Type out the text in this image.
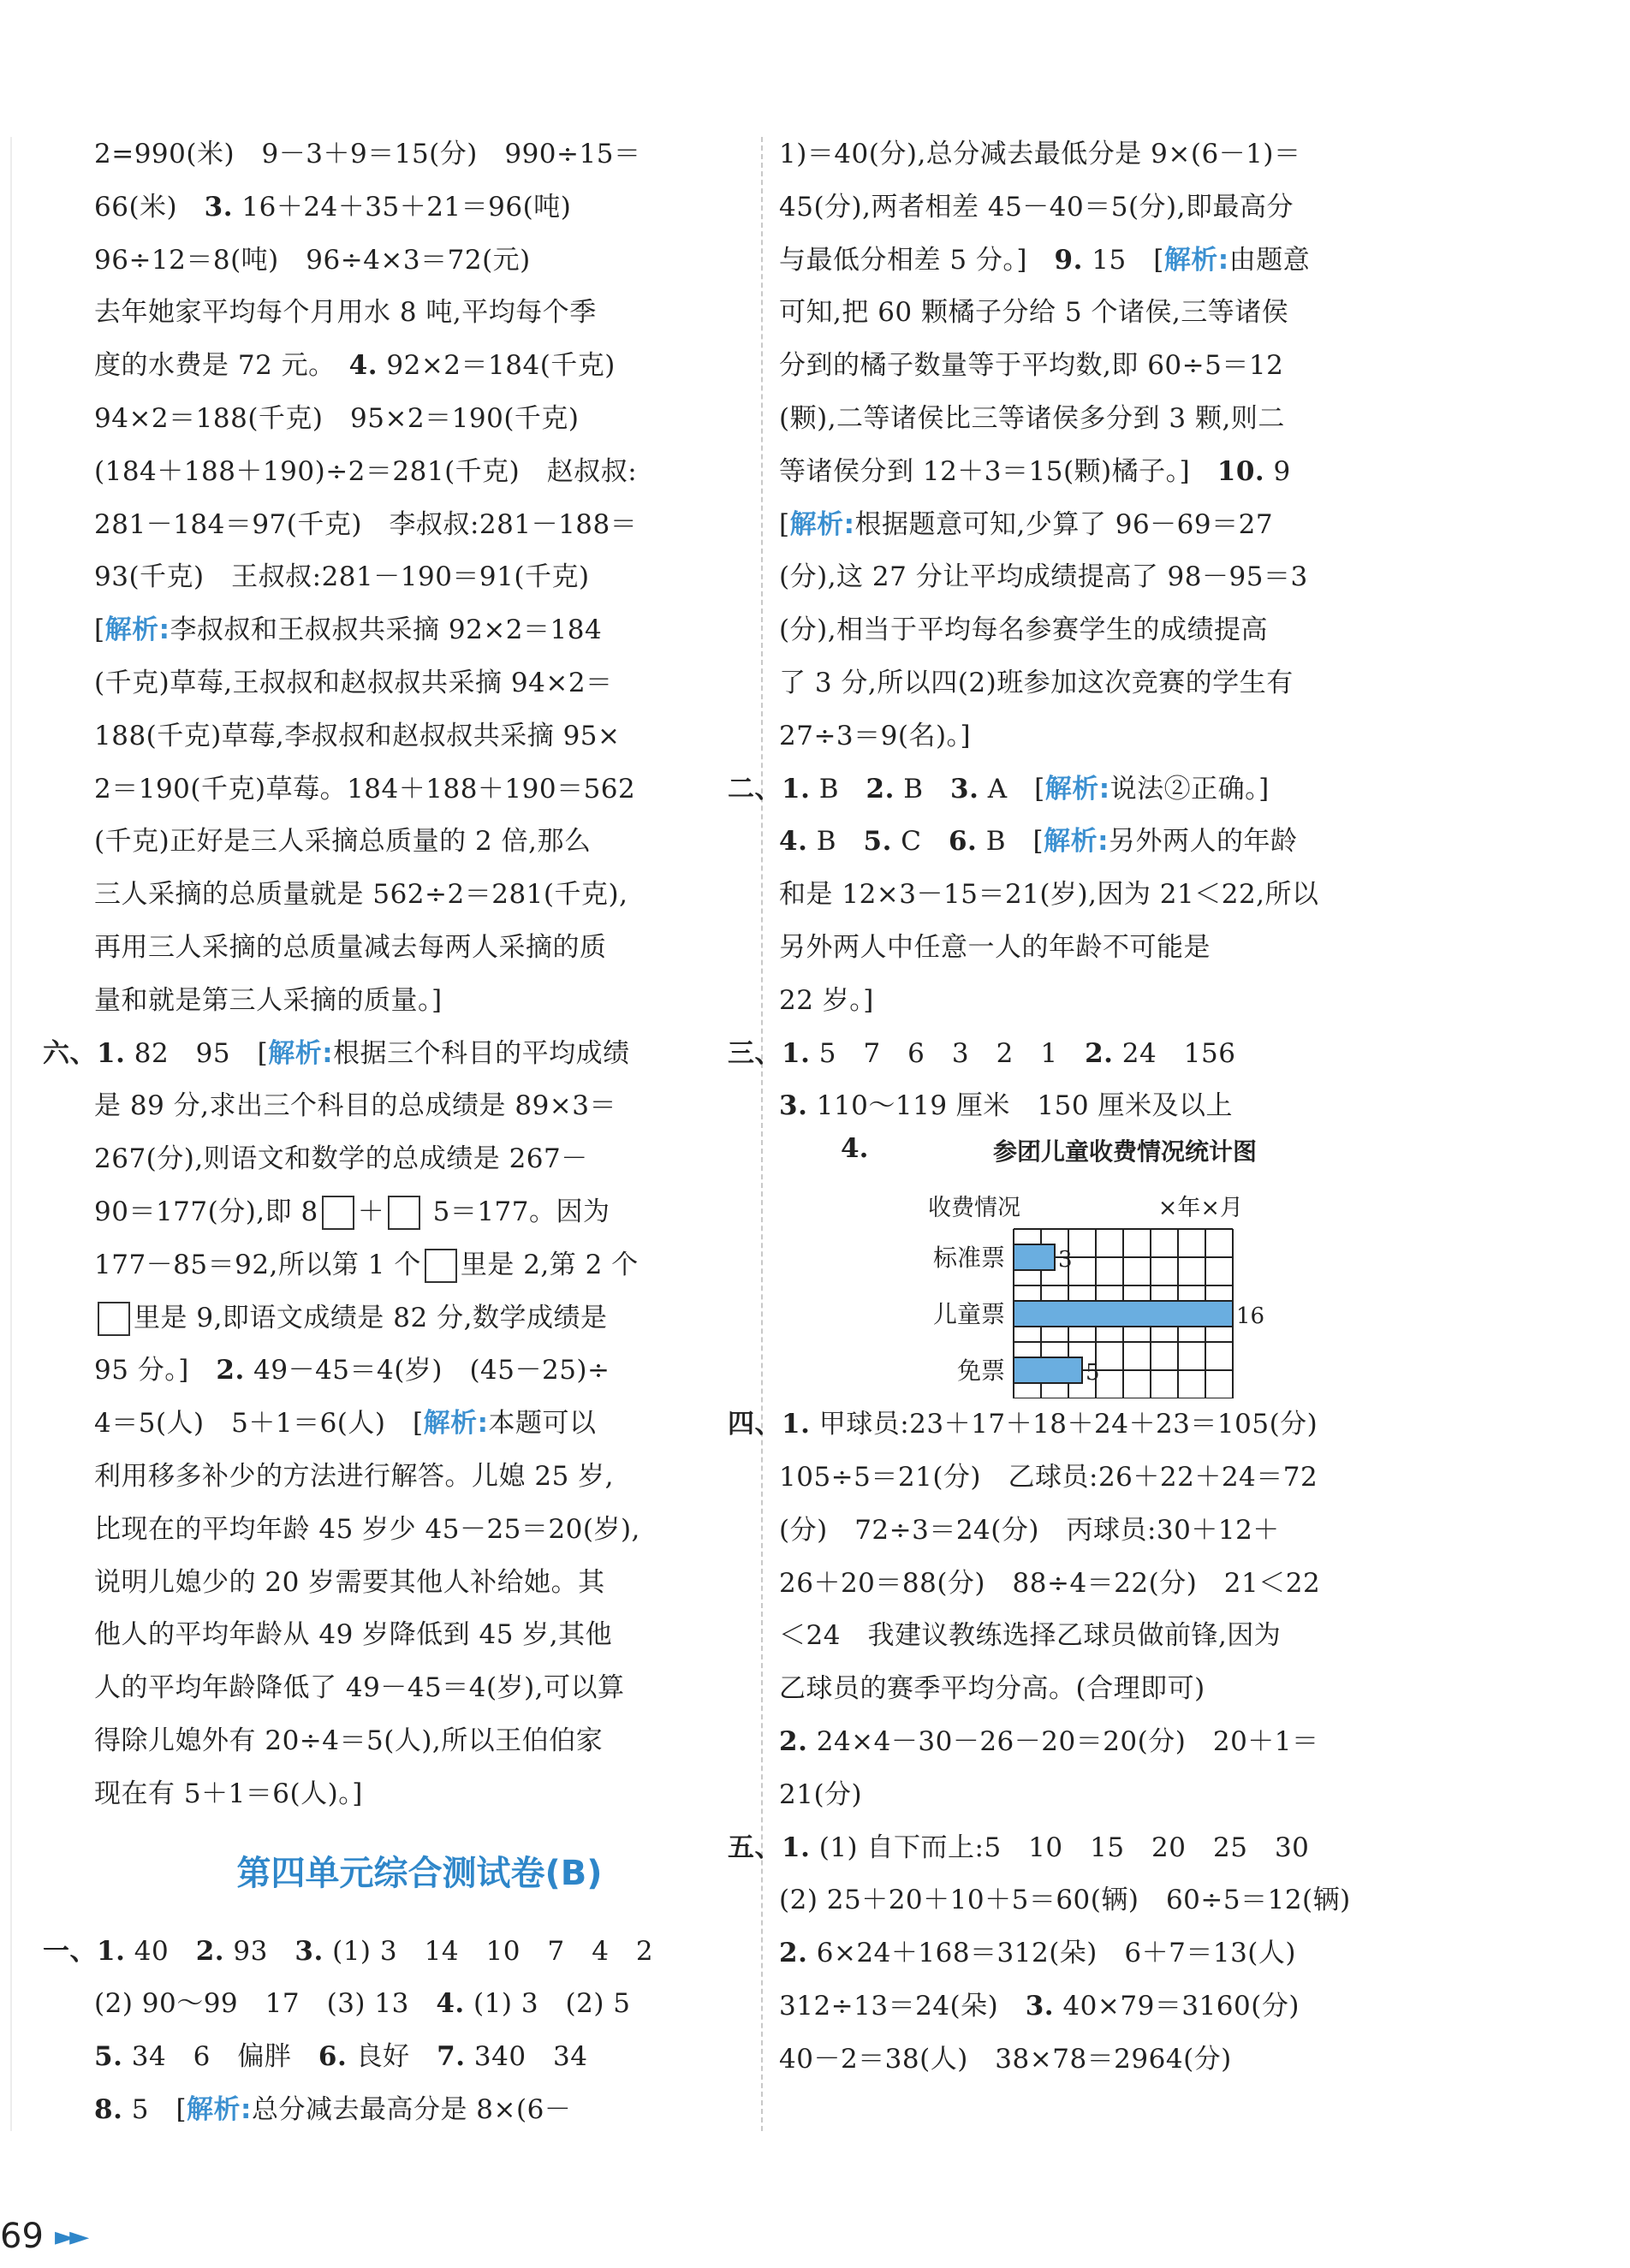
2=990(米)　9－3＋9＝15(分)　990÷15＝
66(米)　3. 16＋24＋35＋21＝96(吨)
96÷12＝8(吨)　96÷4×3＝72(元)
去年她家平均每个月用水 8 吨,平均每个季
度的水费是 72 元。　4. 92×2＝184(千克)
94×2＝188(千克)　95×2＝190(千克)
(184＋188＋190)÷2＝281(千克)　赵叔叔:
281－184＝97(千克)　李叔叔:281－188＝
93(千克)　王叔叔:281－190＝91(千克)
[解析:李叔叔和王叔叔共采摘 92×2＝184
(千克)草莓,王叔叔和赵叔叔共采摘 94×2＝
188(千克)草莓,李叔叔和赵叔叔共采摘 95×
2＝190(千克)草莓。184＋188＋190＝562
(千克)正好是三人采摘总质量的 2 倍,那么
三人采摘的总质量就是 562÷2＝281(千克),
再用三人采摘的总质量减去每两人采摘的质
量和就是第三人采摘的质量。]
六、1. 82　95　[解析:根据三个科目的平均成绩
是 89 分,求出三个科目的总成绩是 89×3＝
267(分),则语文和数学的总成绩是 267－
90＝177(分),即 8 ＋ 5＝177。因为
177－85＝92,所以第 1 个 里是 2,第 2 个
里是 9,即语文成绩是 82 分,数学成绩是
95 分。]　2. 49－45＝4(岁)　(45－25)÷
4＝5(人)　5＋1＝6(人)　[解析:本题可以
利用移多补少的方法进行解答。儿媳 25 岁,
比现在的平均年龄 45 岁少 45－25＝20(岁),
说明儿媳少的 20 岁需要其他人补给她。其
他人的平均年龄从 49 岁降低到 45 岁,其他
人的平均年龄降低了 49－45＝4(岁),可以算
得除儿媳外有 20÷4＝5(人),所以王伯伯家
现在有 5＋1＝6(人)。]
第四单元综合测试卷(B)
一、1. 40　2. 93　3. (1) 3　14　10　7　4　2
(2) 90～99　17　(3) 13　4. (1) 3　(2) 5
5. 34　6　偏胖　6. 良好　7. 340　34
8. 5　[解析:总分减去最高分是 8×(6－
1)＝40(分),总分减去最低分是 9×(6－1)＝
45(分),两者相差 45－40＝5(分),即最高分
与最低分相差 5 分。]　9. 15　[解析:由题意
可知,把 60 颗橘子分给 5 个诸侯,三等诸侯
分到的橘子数量等于平均数,即 60÷5＝12
(颗),二等诸侯比三等诸侯多分到 3 颗,则二
等诸侯分到 12＋3＝15(颗)橘子。]　10. 9
[解析:根据题意可知,少算了 96－69＝27
(分),这 27 分让平均成绩提高了 98－95＝3
(分),相当于平均每名参赛学生的成绩提高
了 3 分,所以四(2)班参加这次竞赛的学生有
27÷3＝9(名)。]
二、1. B　2. B　3. A　[解析:说法②正确。]
4. B　5. C　6. B　[解析:另外两人的年龄
和是 12×3－15＝21(岁),因为 21＜22,所以
另外两人中任意一人的年龄不可能是
22 岁。]
三、1. 5　7　6　3　2　1　2. 24　156
3. 110～119 厘米　150 厘米及以上
4.	参团儿童收费情况统计图
收费情况	×年×月
标准票 3
儿童票	16
免票	5
四、1. 甲球员:23＋17＋18＋24＋23＝105(分)
105÷5＝21(分)　乙球员:26＋22＋24＝72
(分)　72÷3＝24(分)　丙球员:30＋12＋
26＋20＝88(分)　88÷4＝22(分)　21＜22
＜24　我建议教练选择乙球员做前锋,因为
乙球员的赛季平均分高。(合理即可)
2. 24×4－30－26－20＝20(分)　20＋1＝
21(分)
五、1. (1) 自下而上:5　10　15　20　25　30
(2) 25＋20＋10＋5＝60(辆)　60÷5＝12(辆)
2. 6×24＋168＝312(朵)　6＋7＝13(人)
312÷13＝24(朵)　3. 40×79＝3160(分)
40－2＝38(人)　38×78＝2964(分)
69 ►►
